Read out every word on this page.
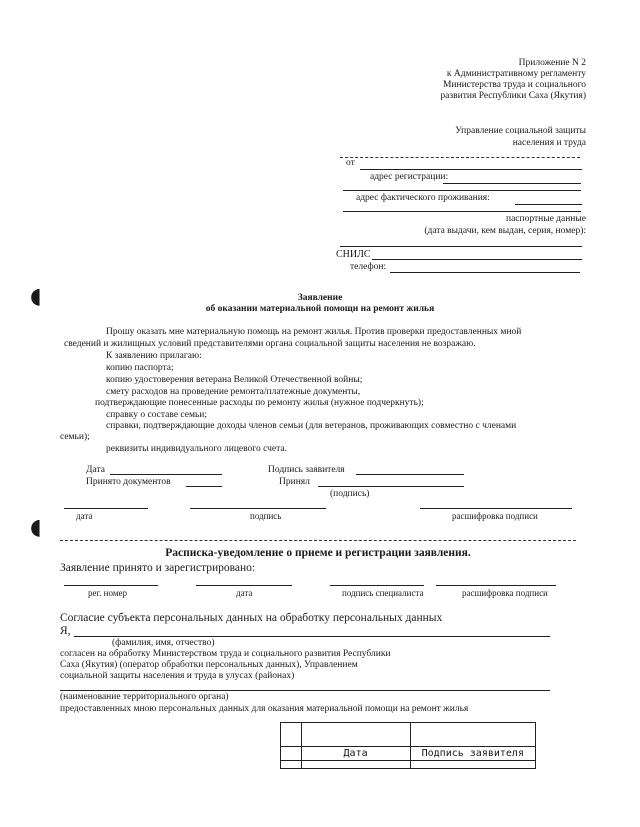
Приложение N 2
к Административному регламенту
Министерства труда и социального
развития Республики Саха (Якутия)
Управление социальной защиты
населения и труда
от
адрес регистрации:
адрес фактического проживания:
паспортные данные
(дата выдачи, кем выдан, серия, номер):
СНИЛС
телефон:
◖
◖
Заявление
об оказании материальной помощи на ремонт жилья
Прошу оказать мне материальную помощь на ремонт жилья. Против проверки предоставленных мной
сведений и жилищных условий представителями органа социальной защиты населения не возражаю.
К заявлению прилагаю:
копию паспорта;
копию удостоверения ветерана Великой Отечественной войны;
смету расходов на проведение ремонта/платежные документы,
подтверждающие понесенные расходы по ремонту жилья (нужное подчеркнуть);
справку о составе семьи;
справки, подтверждающие доходы членов семьи (для ветеранов, проживающих совместно с членами
семьи);
реквизиты индивидуального лицевого счета.
Дата	Подпись заявителя
Принято документов	Принял
(подпись)
дата	подпись	расшифровка подписи
Расписка-уведомление о приеме и регистрации заявления.
Заявление принято и зарегистрировано:
рег. номер	дата	подпись специалиста	расшифровка подписи
Согласие субъекта персональных данных на обработку персональных данных
Я,
(фамилия, имя, отчество)
согласен на обработку Министерством труда и социального развития Республики
Саха (Якутия) (оператор обработки персональных данных), Управлением
социальной защиты населения и труда в улусах (районах)
(наименование территориального органа)
предоставленных мною персональных данных для оказания материальной помощи на ремонт жилья

	Дата	Подпись заявителя
